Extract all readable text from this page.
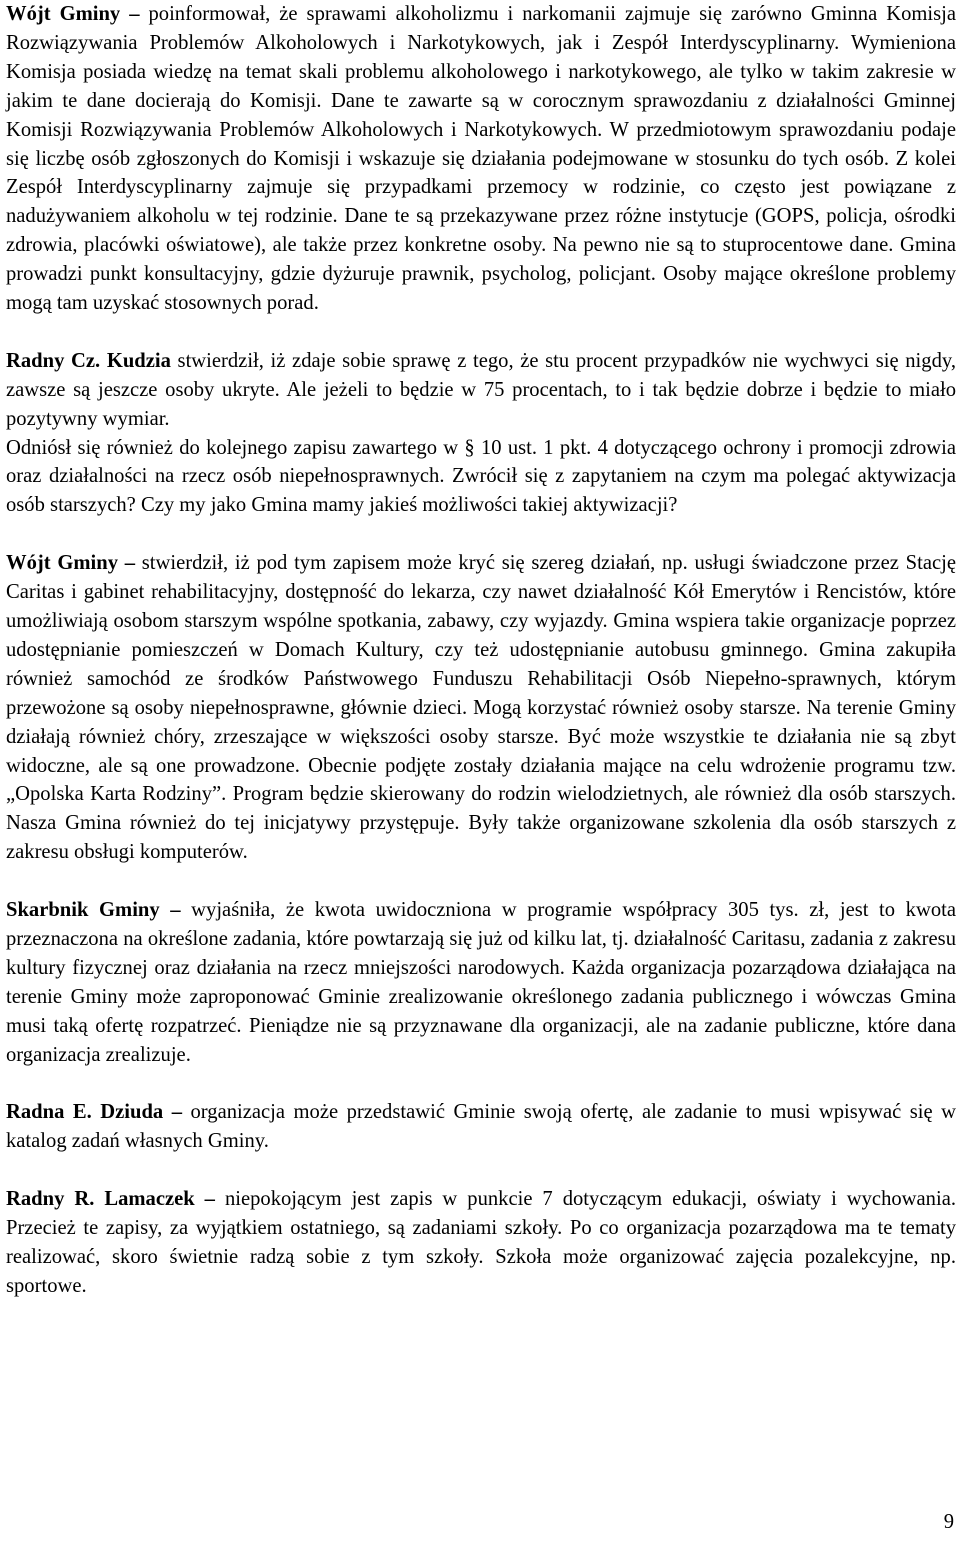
Wójt Gminy – poinformował, że sprawami alkoholizmu i narkomanii zajmuje się zarówno Gminna Komisja Rozwiązywania Problemów Alkoholowych i Narkotykowych, jak i Zespół Interdyscyplinarny. Wymieniona Komisja posiada wiedzę na temat skali problemu alkoholowego i narkotykowego, ale tylko w takim zakresie w jakim te dane docierają do Komisji. Dane te zawarte są w corocznym sprawozdaniu z działalności Gminnej Komisji Rozwiązywania Problemów Alkoholowych i Narkotykowych. W przedmiotowym sprawozdaniu podaje się liczbę osób zgłoszonych do Komisji i wskazuje się działania podejmowane w stosunku do tych osób. Z kolei Zespół Interdyscyplinarny zajmuje się przypadkami przemocy w rodzinie, co często jest powiązane z nadużywaniem alkoholu w tej rodzinie. Dane te są przekazywane przez różne instytucje (GOPS, policja, ośrodki zdrowia, placówki oświatowe), ale także przez konkretne osoby. Na pewno nie są to stuprocentowe dane. Gmina prowadzi punkt konsultacyjny, gdzie dyżuruje prawnik, psycholog, policjant. Osoby mające określone problemy mogą tam uzyskać stosownych porad.

Radny Cz. Kudzia stwierdził, iż zdaje sobie sprawę z tego, że stu procent przypadków nie wychwyci się nigdy, zawsze są jeszcze osoby ukryte. Ale jeżeli to będzie w 75 procentach, to i tak będzie dobrze i będzie to miało pozytywny wymiar.

Odniósł się również do kolejnego zapisu zawartego w § 10 ust. 1 pkt. 4 dotyczącego ochrony i promocji zdrowia oraz działalności na rzecz osób niepełnosprawnych. Zwrócił się z zapytaniem na czym ma polegać aktywizacja osób starszych? Czy my jako Gmina mamy jakieś możliwości takiej aktywizacji?

Wójt Gminy – stwierdził, iż pod tym zapisem może kryć się szereg działań, np. usługi świadczone przez Stację Caritas i gabinet rehabilitacyjny, dostępność do lekarza, czy nawet działalność Kół Emerytów i Rencistów, które umożliwiają osobom starszym wspólne spotkania, zabawy, czy wyjazdy. Gmina wspiera takie organizacje poprzez udostępnianie pomieszczeń w Domach Kultury, czy też udostępnianie autobusu gminnego. Gmina zakupiła również samochód ze środków Państwowego Funduszu Rehabilitacji Osób Niepełno-sprawnych, którym przewożone są osoby niepełnosprawne, głównie dzieci. Mogą korzystać również osoby starsze. Na terenie Gminy działają również chóry, zrzeszające w większości osoby starsze. Być może wszystkie te działania nie są zbyt widoczne, ale są one prowadzone. Obecnie podjęte zostały działania mające na celu wdrożenie programu tzw. „Opolska Karta Rodziny”. Program będzie skierowany do rodzin wielodzietnych, ale również dla osób starszych. Nasza Gmina również do tej inicjatywy przystępuje. Były także organizowane szkolenia dla osób starszych z zakresu obsługi komputerów.

Skarbnik Gminy – wyjaśniła, że kwota uwidoczniona w programie współpracy 305 tys. zł, jest to kwota przeznaczona na określone zadania, które powtarzają się już od kilku lat, tj. działalność Caritasu, zadania z zakresu kultury fizycznej oraz działania na rzecz mniejszości narodowych. Każda organizacja pozarządowa działająca na terenie Gminy może zaproponować Gminie zrealizowanie określonego zadania publicznego i wówczas Gmina musi taką ofertę rozpatrzeć. Pieniądze nie są przyznawane dla organizacji, ale na zadanie publiczne, które dana organizacja zrealizuje.

Radna E. Dziuda – organizacja może przedstawić Gminie swoją ofertę, ale zadanie to musi wpisywać się w katalog zadań własnych Gminy.

Radny R. Lamaczek – niepokojącym jest zapis w punkcie 7 dotyczącym edukacji, oświaty i wychowania. Przecież te zapisy, za wyjątkiem ostatniego, są zadaniami szkoły. Po co organizacja pozarządowa ma te tematy realizować, skoro świetnie radzą sobie z tym szkoły. Szkoła może organizować zajęcia pozalekcyjne, np. sportowe.

9
